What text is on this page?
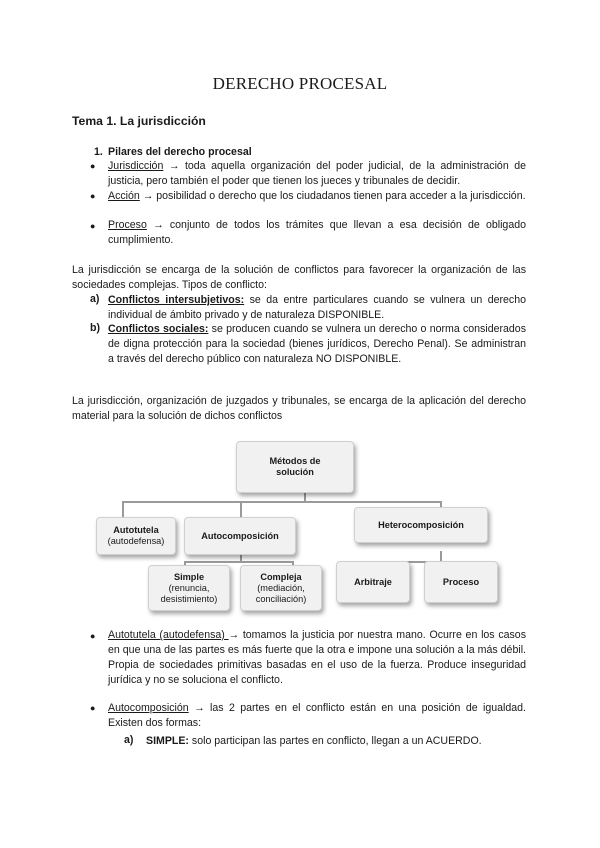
DERECHO PROCESAL
Tema 1. La jurisdicción
1. Pilares del derecho procesal
● Jurisdicción → toda aquella organización del poder judicial, de la administración de justicia, pero también el poder que tienen los jueces y tribunales de decidir.
● Acción → posibilidad o derecho que los ciudadanos tienen para acceder a la jurisdicción.
● Proceso → conjunto de todos los trámites que llevan a esa decisión de obligado cumplimiento.
La jurisdicción se encarga de la solución de conflictos para favorecer la organización de las sociedades complejas. Tipos de conflicto:
a) Conflictos intersubjetivos: se da entre particulares cuando se vulnera un derecho individual de ámbito privado y de naturaleza DISPONIBLE.
b) Conflictos sociales: se producen cuando se vulnera un derecho o norma considerados de digna protección para la sociedad (bienes jurídicos, Derecho Penal). Se administran a través del derecho público con naturaleza NO DISPONIBLE.
La jurisdicción, organización de juzgados y tribunales, se encarga de la aplicación del derecho material para la solución de dichos conflictos
Métodos de solución
Autotutela
(autodefensa)
Autocomposición
Heterocomposición
Simple
(renuncia, desistimiento)
Compleja
(mediación, conciliación)
Arbitraje	Proceso
● Autotutela (autodefensa) → tomamos la justicia por nuestra mano. Ocurre en los casos en que una de las partes es más fuerte que la otra e impone una solución a la más débil. Propia de sociedades primitivas basadas en el uso de la fuerza. Produce inseguridad jurídica y no se soluciona el conflicto.
● Autocomposición → las 2 partes en el conflicto están en una posición de igualdad. Existen dos formas:
a) SIMPLE: solo participan las partes en conflicto, llegan a un ACUERDO.
